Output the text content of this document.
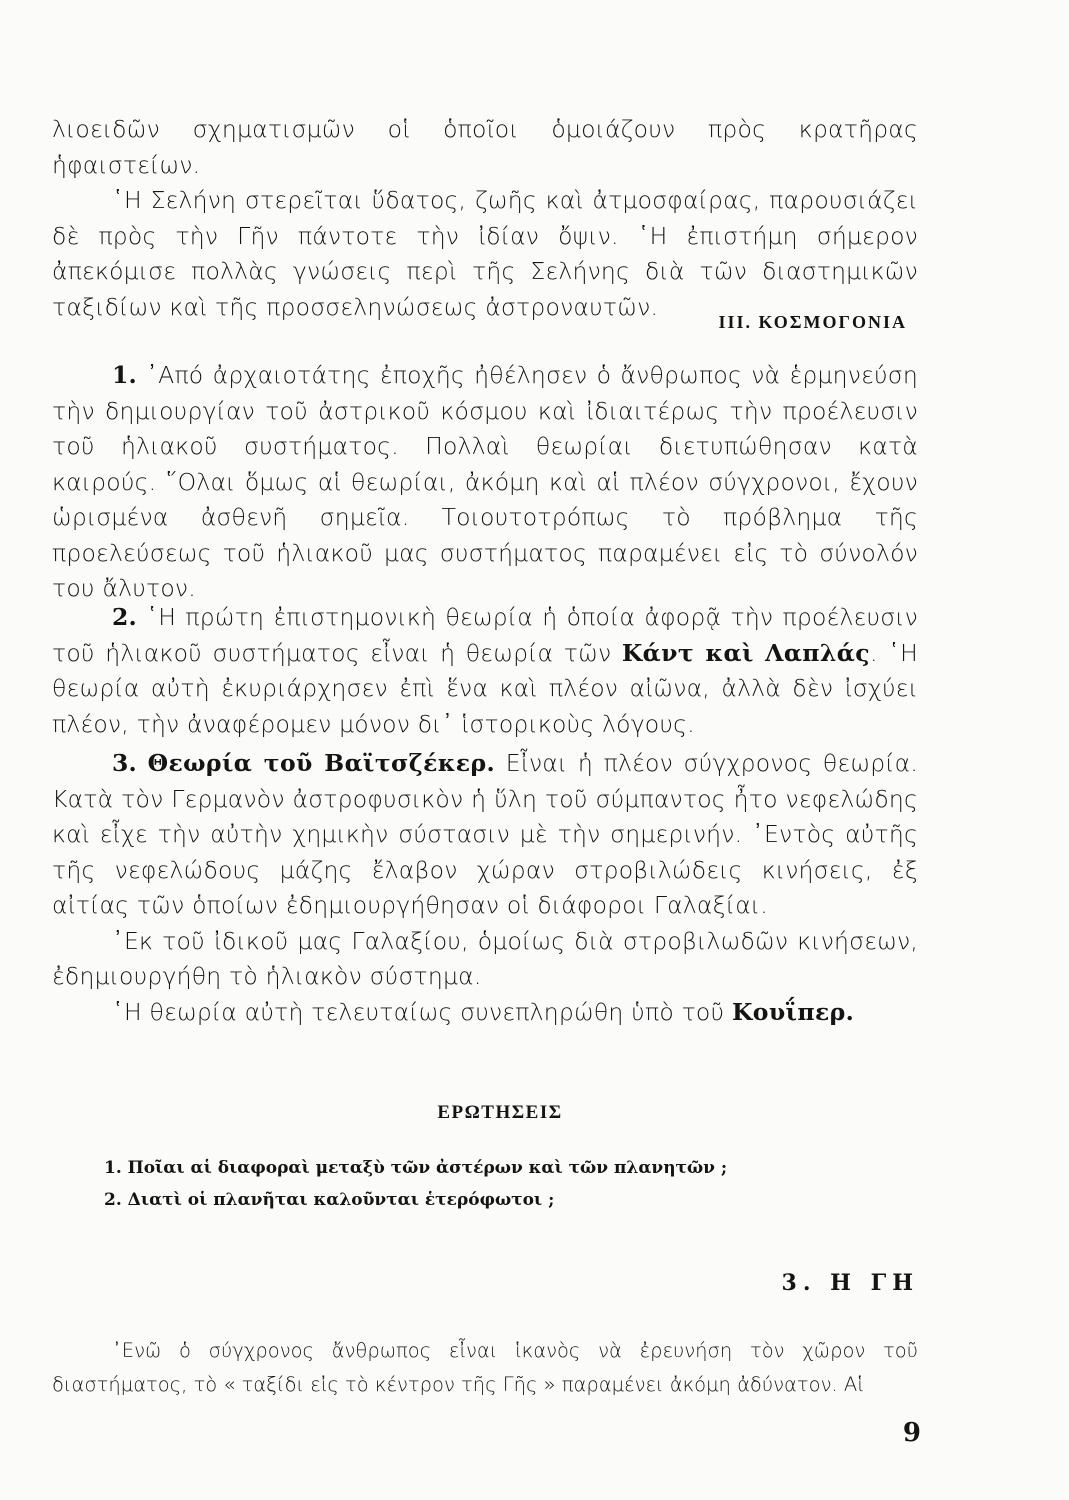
λιοειδῶν σχηματισμῶν οἱ ὁποῖοι ὁμοιάζουν πρὸς κρατῆρας ἡφαιστείων.

῾Η Σελήνη στερεῖται ὕδατος, ζωῆς καὶ ἀτμοσφαίρας, παρουσιάζει δὲ πρὸς τὴν Γῆν πάντοτε τὴν ἰδίαν ὄψιν. ῾Η ἐπιστήμη σήμερον ἀπεκόμισε πολλὰς γνώσεις περὶ τῆς Σελήνης διὰ τῶν διαστημικῶν ταξιδίων καὶ τῆς προσσεληνώσεως ἀστροναυτῶν.

III. ΚΟΣΜΟΓΟΝΙΑ

1. ᾽Από ἀρχαιοτάτης ἐποχῆς ἠθέλησεν ὁ ἄνθρωπος νὰ ἑρμηνεύση τὴν δημιουργίαν τοῦ ἀστρικοῦ κόσμου καὶ ἰδιαιτέρως τὴν προέλευσιν τοῦ ἡλιακοῦ συστήματος. Πολλαὶ θεωρίαι διετυπώθησαν κατὰ καιρούς. ῞Ολαι ὅμως αἱ θεωρίαι, ἀκόμη καὶ αἱ πλέον σύγχρονοι, ἔχουν ὡρισμένα ἀσθενῆ σημεῖα. Τοιουτοτρόπως τὸ πρόβλημα τῆς προελεύσεως τοῦ ἡλιακοῦ μας συστήματος παραμένει εἰς τὸ σύνολόν του ἄλυτον.

2. ῾Η πρώτη ἐπιστημονικὴ θεωρία ἡ ὁποία ἀφορᾷ τὴν προέλευσιν τοῦ ἡλιακοῦ συστήματος εἶναι ἡ θεωρία τῶν Κάντ καὶ Λαπλάς. ῾Η θεωρία αὐτὴ ἐκυριάρχησεν ἐπὶ ἕνα καὶ πλέον αἰῶνα, ἀλλὰ δὲν ἰσχύει πλέον, τὴν ἀναφέρομεν μόνον δι᾽ ἱστορικοὺς λόγους.

3. Θεωρία τοῦ Βαϊτσζέκερ. Εἶναι ἡ πλέον σύγχρονος θεωρία. Κατὰ τὸν Γερμανὸν ἀστροφυσικὸν ἡ ὕλη τοῦ σύμπαντος ἦτο νεφελώδης καὶ εἶχε τὴν αὐτὴν χημικὴν σύστασιν μὲ τὴν σημερινήν. ᾽Εντὸς αὐτῆς τῆς νεφελώδους μάζης ἔλαβον χώραν στροβιλώδεις κινήσεις, ἐξ αἰτίας τῶν ὁποίων ἐδημιουργήθησαν οἱ διάφοροι Γαλαξίαι.

᾽Εκ τοῦ ἰδικοῦ μας Γαλαξίου, ὁμοίως διὰ στροβιλωδῶν κινήσεων, ἐδημιουργήθη τὸ ἡλιακὸν σύστημα.

῾Η θεωρία αὐτὴ τελευταίως συνεπληρώθη ὑπὸ τοῦ Κουΐπερ.

ΕΡΩΤΗΣΕΙΣ
1. Ποῖαι αἱ διαφοραὶ μεταξὺ τῶν ἀστέρων καὶ τῶν πλανητῶν ;
2. Διατὶ οἱ πλανῆται καλοῦνται ἑτερόφωτοι ;
3. Η ΓΗ

᾽Ενῶ ὁ σύγχρονος ἄνθρωπος εἶναι ἱκανὸς νὰ ἐρευνήση τὸν χῶρον τοῦ διαστήματος, τὸ « ταξίδι εἰς τὸ κέντρον τῆς Γῆς » παραμένει ἀκόμη ἀδύνατον. Αἱ

9
